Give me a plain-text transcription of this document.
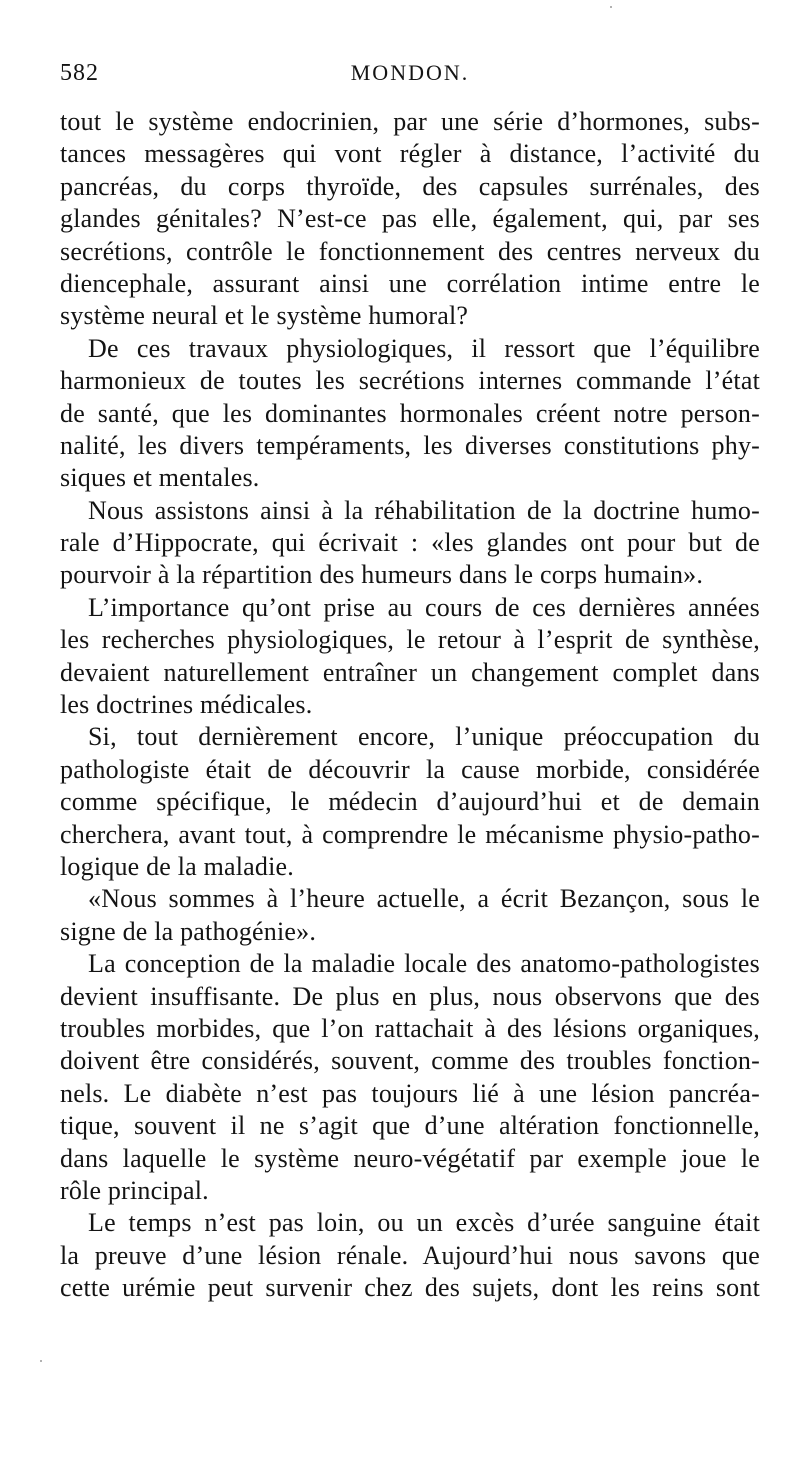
582	MONDON.
tout le système endocrinien, par une série d’hormones, subs-
tances messagères qui vont régler à distance, l’activité du
pancréas, du corps thyroïde, des capsules surrénales, des
glandes génitales? N’est-ce pas elle, également, qui, par ses
secrétions, contrôle le fonctionnement des centres nerveux du
diencephale, assurant ainsi une corrélation intime entre le
système neural et le système humoral?
De ces travaux physiologiques, il ressort que l’équilibre
harmonieux de toutes les secrétions internes commande l’état
de santé, que les dominantes hormonales créent notre person-
nalité, les divers tempéraments, les diverses constitutions phy-
siques et mentales.
Nous assistons ainsi à la réhabilitation de la doctrine humo-
rale d’Hippocrate, qui écrivait : «les glandes ont pour but de
pourvoir à la répartition des humeurs dans le corps humain».
L’importance qu’ont prise au cours de ces dernières années
les recherches physiologiques, le retour à l’esprit de synthèse,
devaient naturellement entraîner un changement complet dans
les doctrines médicales.
Si, tout dernièrement encore, l’unique préoccupation du
pathologiste était de découvrir la cause morbide, considérée
comme spécifique, le médecin d’aujourd’hui et de demain
cherchera, avant tout, à comprendre le mécanisme physio-patho-
logique de la maladie.
«Nous sommes à l’heure actuelle, a écrit Bezançon, sous le
signe de la pathogénie».
La conception de la maladie locale des anatomo-pathologistes
devient insuffisante. De plus en plus, nous observons que des
troubles morbides, que l’on rattachait à des lésions organiques,
doivent être considérés, souvent, comme des troubles fonction-
nels. Le diabète n’est pas toujours lié à une lésion pancréa-
tique, souvent il ne s’agit que d’une altération fonctionnelle,
dans laquelle le système neuro-végétatif par exemple joue le
rôle principal.
Le temps n’est pas loin, ou un excès d’urée sanguine était
la preuve d’une lésion rénale. Aujourd’hui nous savons que
cette urémie peut survenir chez des sujets, dont les reins sont
